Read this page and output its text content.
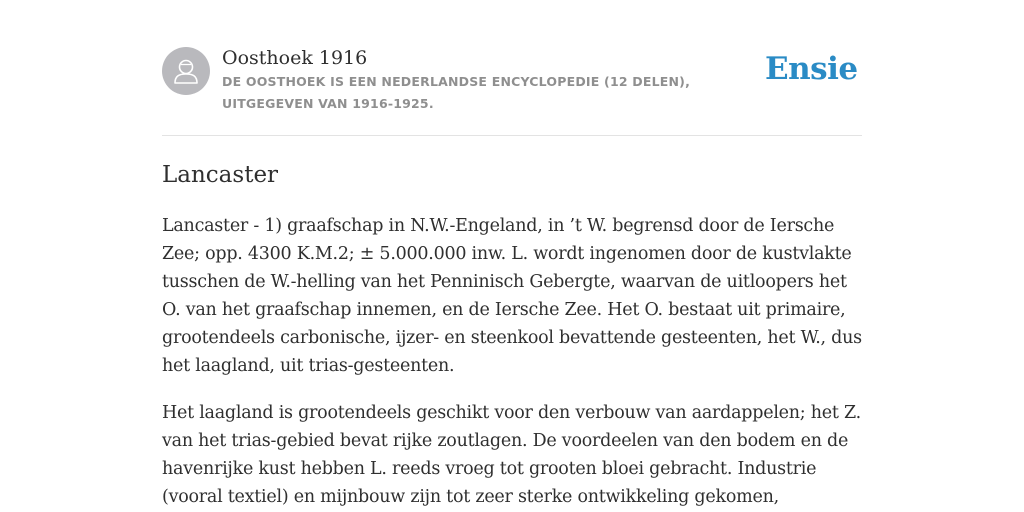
Oosthoek 1916
DE OOSTHOEK IS EEN NEDERLANDSE ENCYCLOPEDIE (12 DELEN), UITGEGEVEN VAN 1916-1925.
Ensie
Lancaster

Lancaster - 1) graafschap in N.W.-Engeland, in ’t W. begrensd door de Iersche Zee; opp. 4300 K.M.2; ± 5.000.000 inw. L. wordt ingenomen door de kustvlakte tusschen de W.-helling van het Penninisch Gebergte, waarvan de uitloopers het O. van het graafschap innemen, en de Iersche Zee. Het O. bestaat uit primaire, grootendeels carbonische, ijzer- en steenkool bevattende gesteenten, het W., dus het laagland, uit trias-gesteenten.

Het laagland is grootendeels geschikt voor den verbouw van aardappelen; het Z. van het trias-gebied bevat rijke zoutlagen. De voordeelen van den bodem en de havenrijke kust hebben L. reeds vroeg tot grooten bloei gebracht. Industrie (vooral textiel) en mijnbouw zijn tot zeer sterke ontwikkeling gekomen,
